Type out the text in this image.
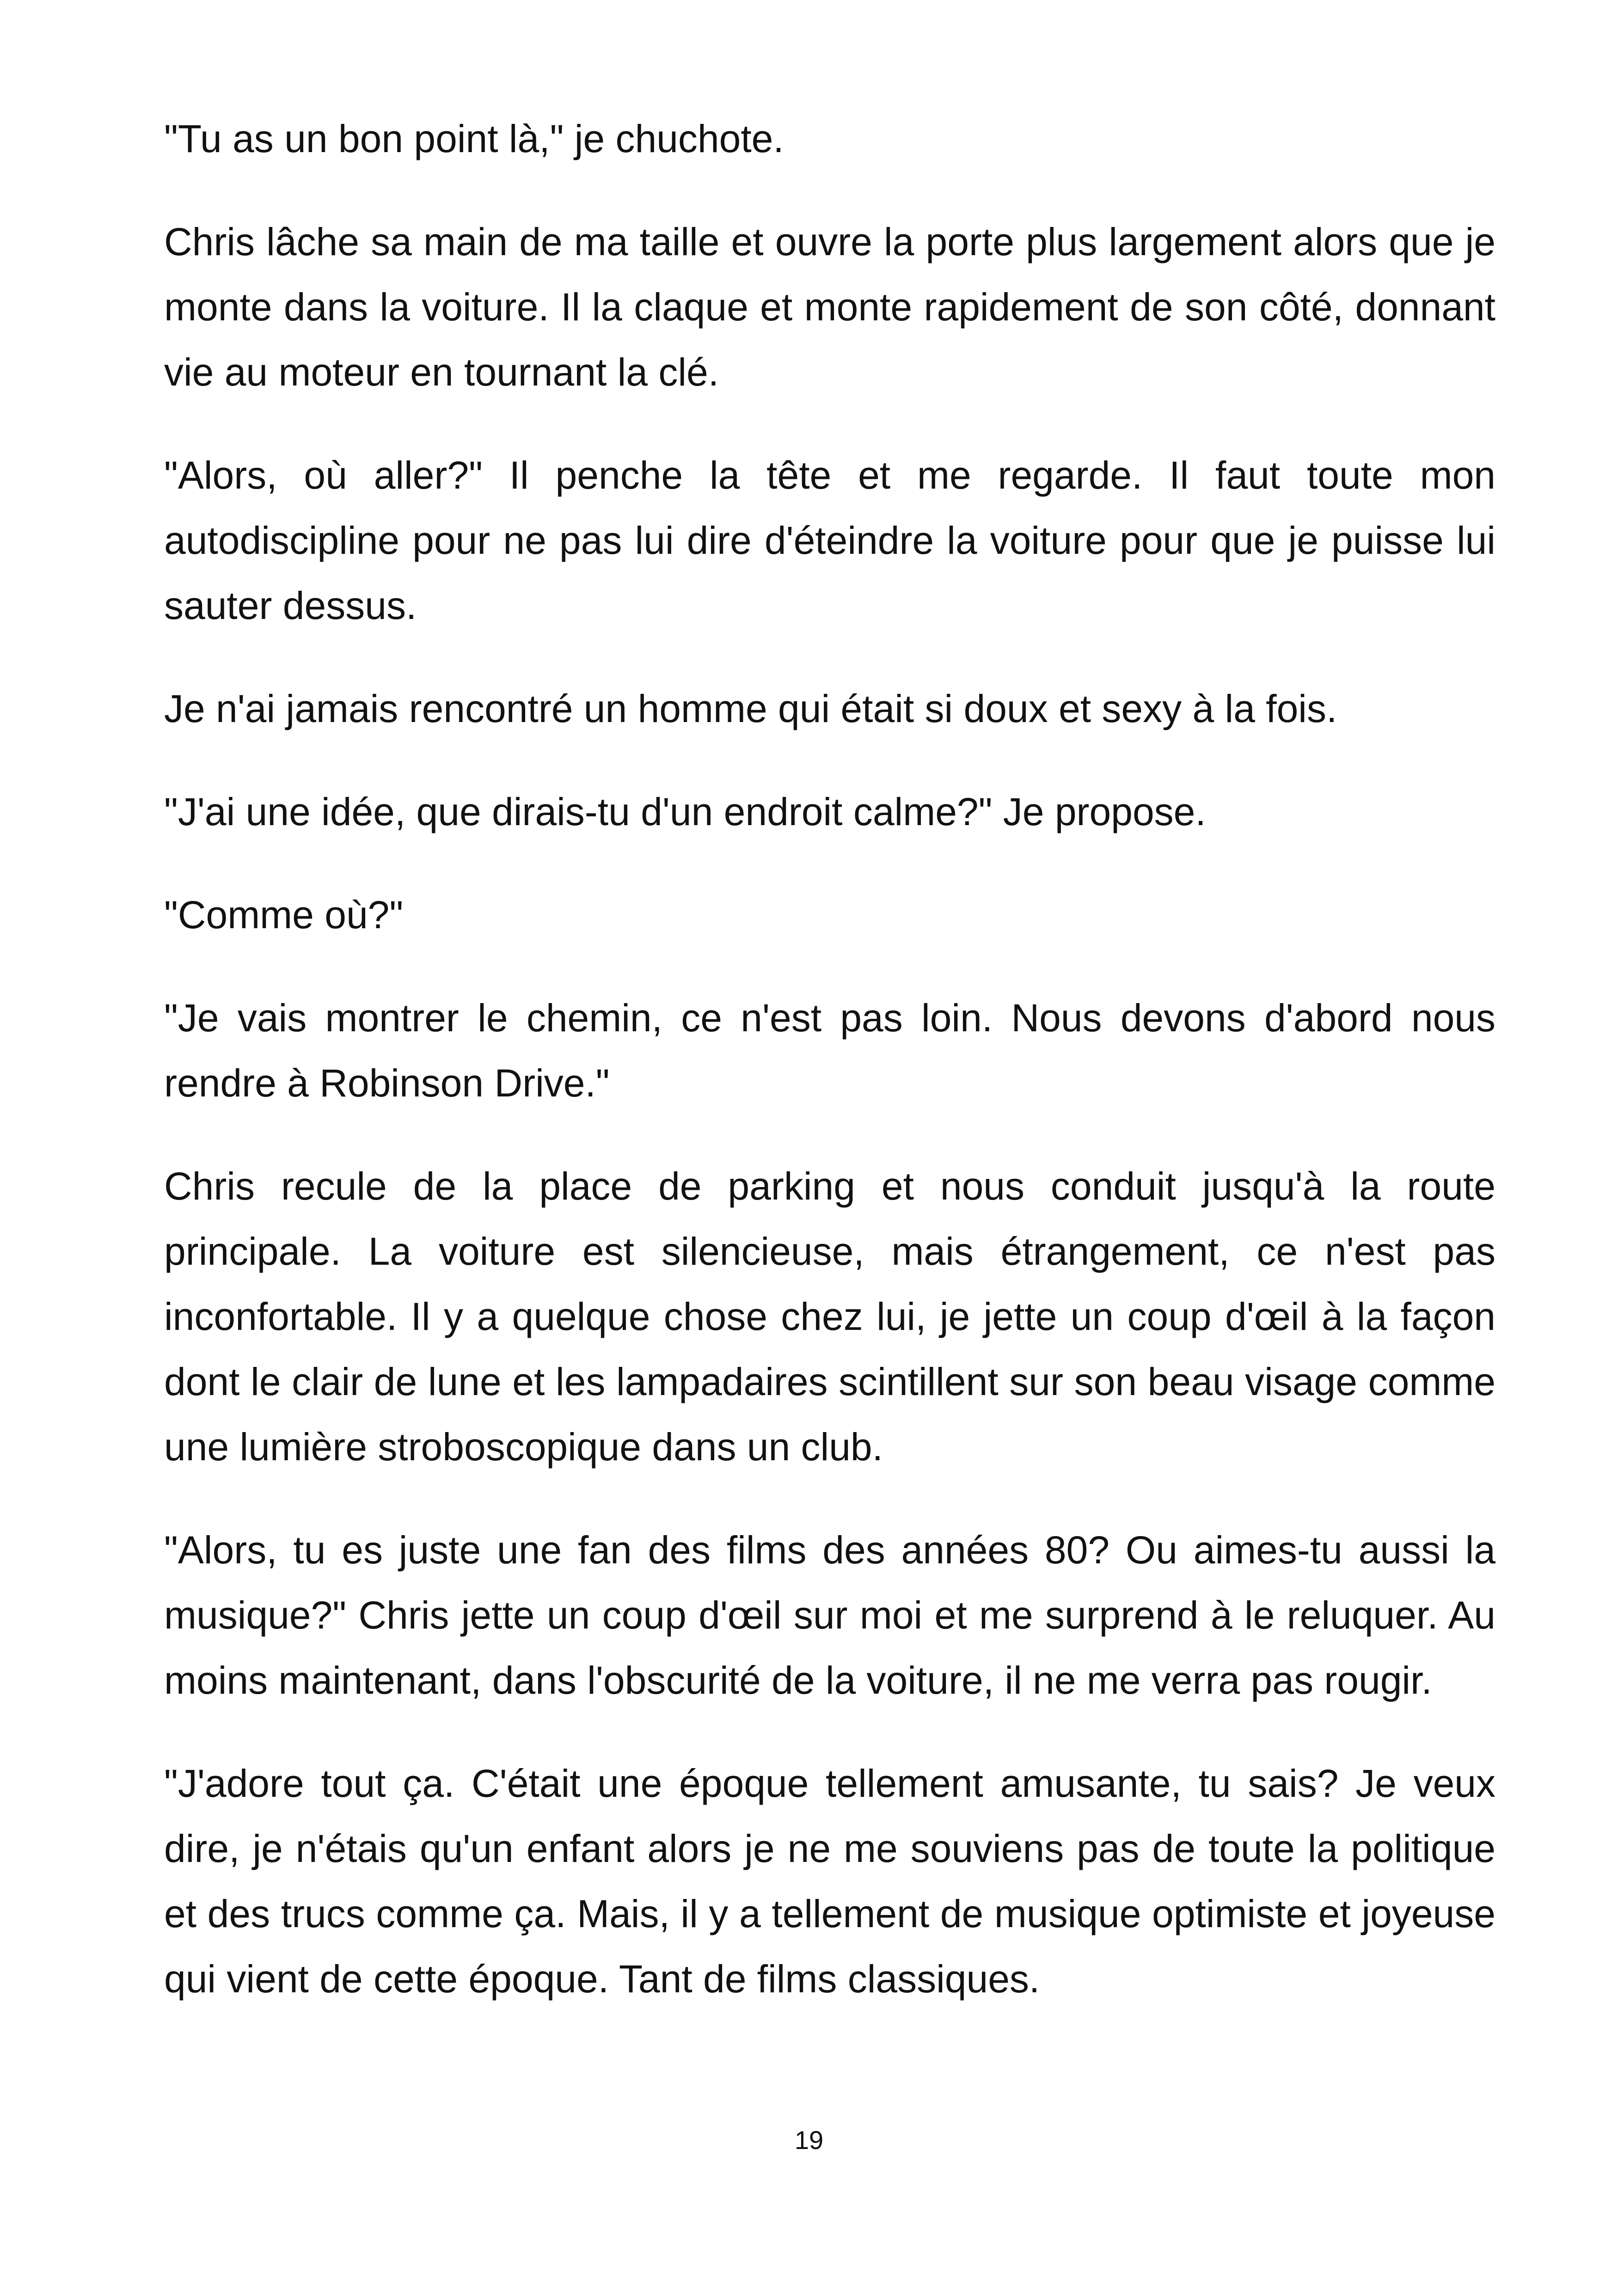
"Tu as un bon point là," je chuchote.

Chris lâche sa main de ma taille et ouvre la porte plus largement alors que je monte dans la voiture. Il la claque et monte rapidement de son côté, donnant vie au moteur en tournant la clé.

"Alors, où aller?" Il penche la tête et me regarde. Il faut toute mon autodiscipline pour ne pas lui dire d'éteindre la voiture pour que je puisse lui sauter dessus.

Je n'ai jamais rencontré un homme qui était si doux et sexy à la fois.

"J'ai une idée, que dirais-tu d'un endroit calme?" Je propose.

"Comme où?"

"Je vais montrer le chemin, ce n'est pas loin. Nous devons d'abord nous rendre à Robinson Drive."

Chris recule de la place de parking et nous conduit jusqu'à la route principale. La voiture est silencieuse, mais étrangement, ce n'est pas inconfortable. Il y a quelque chose chez lui, je jette un coup d'œil à la façon dont le clair de lune et les lampadaires scintillent sur son beau visage comme une lumière stroboscopique dans un club.

"Alors, tu es juste une fan des films des années 80? Ou aimes-tu aussi la musique?" Chris jette un coup d'œil sur moi et me surprend à le reluquer. Au moins maintenant, dans l'obscurité de la voiture, il ne me verra pas rougir.

"J'adore tout ça. C'était une époque tellement amusante, tu sais? Je veux dire, je n'étais qu'un enfant alors je ne me souviens pas de toute la politique et des trucs comme ça. Mais, il y a tellement de musique optimiste et joyeuse qui vient de cette époque. Tant de films classiques.

19
